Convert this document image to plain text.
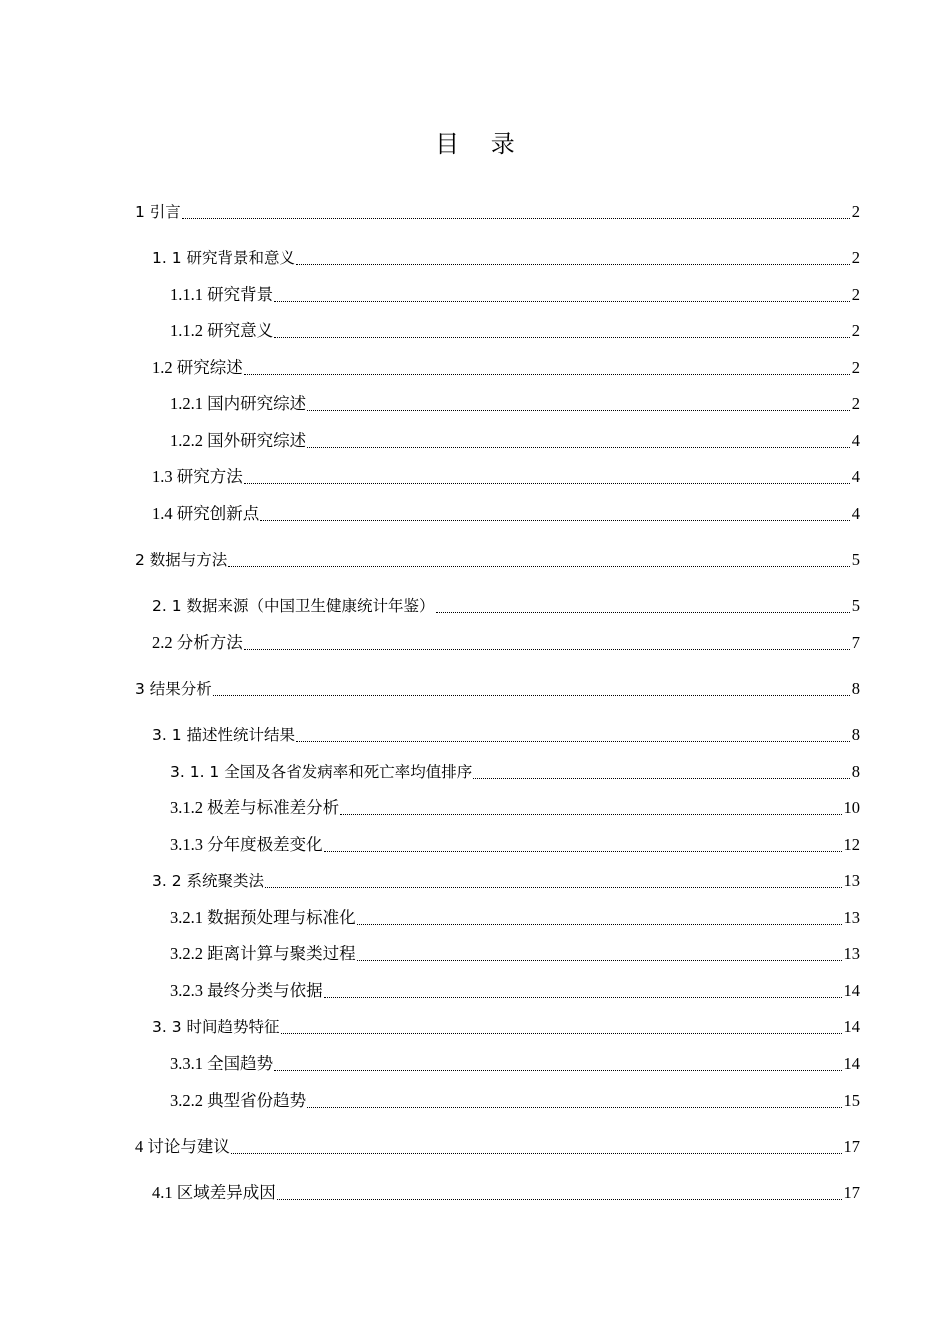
目 录
1 引言	2
1. 1 研究背景和意义	2
1.1.1 研究背景	2
1.1.2 研究意义	2
1.2 研究综述	2
1.2.1 国内研究综述	2
1.2.2 国外研究综述	4
1.3 研究方法	4
1.4 研究创新点	4
2 数据与方法	5
2. 1 数据来源（中国卫生健康统计年鉴）	5
2.2 分析方法	7
3 结果分析	8
3. 1 描述性统计结果	8
3. 1. 1 全国及各省发病率和死亡率均值排序	8
3.1.2 极差与标准差分析	10
3.1.3 分年度极差变化	12
3. 2 系统聚类法	13
3.2.1 数据预处理与标准化	13
3.2.2 距离计算与聚类过程	13
3.2.3 最终分类与依据	14
3. 3 时间趋势特征	14
3.3.1 全国趋势	14
3.2.2 典型省份趋势	15
4 讨论与建议	17
4.1 区域差异成因	17
